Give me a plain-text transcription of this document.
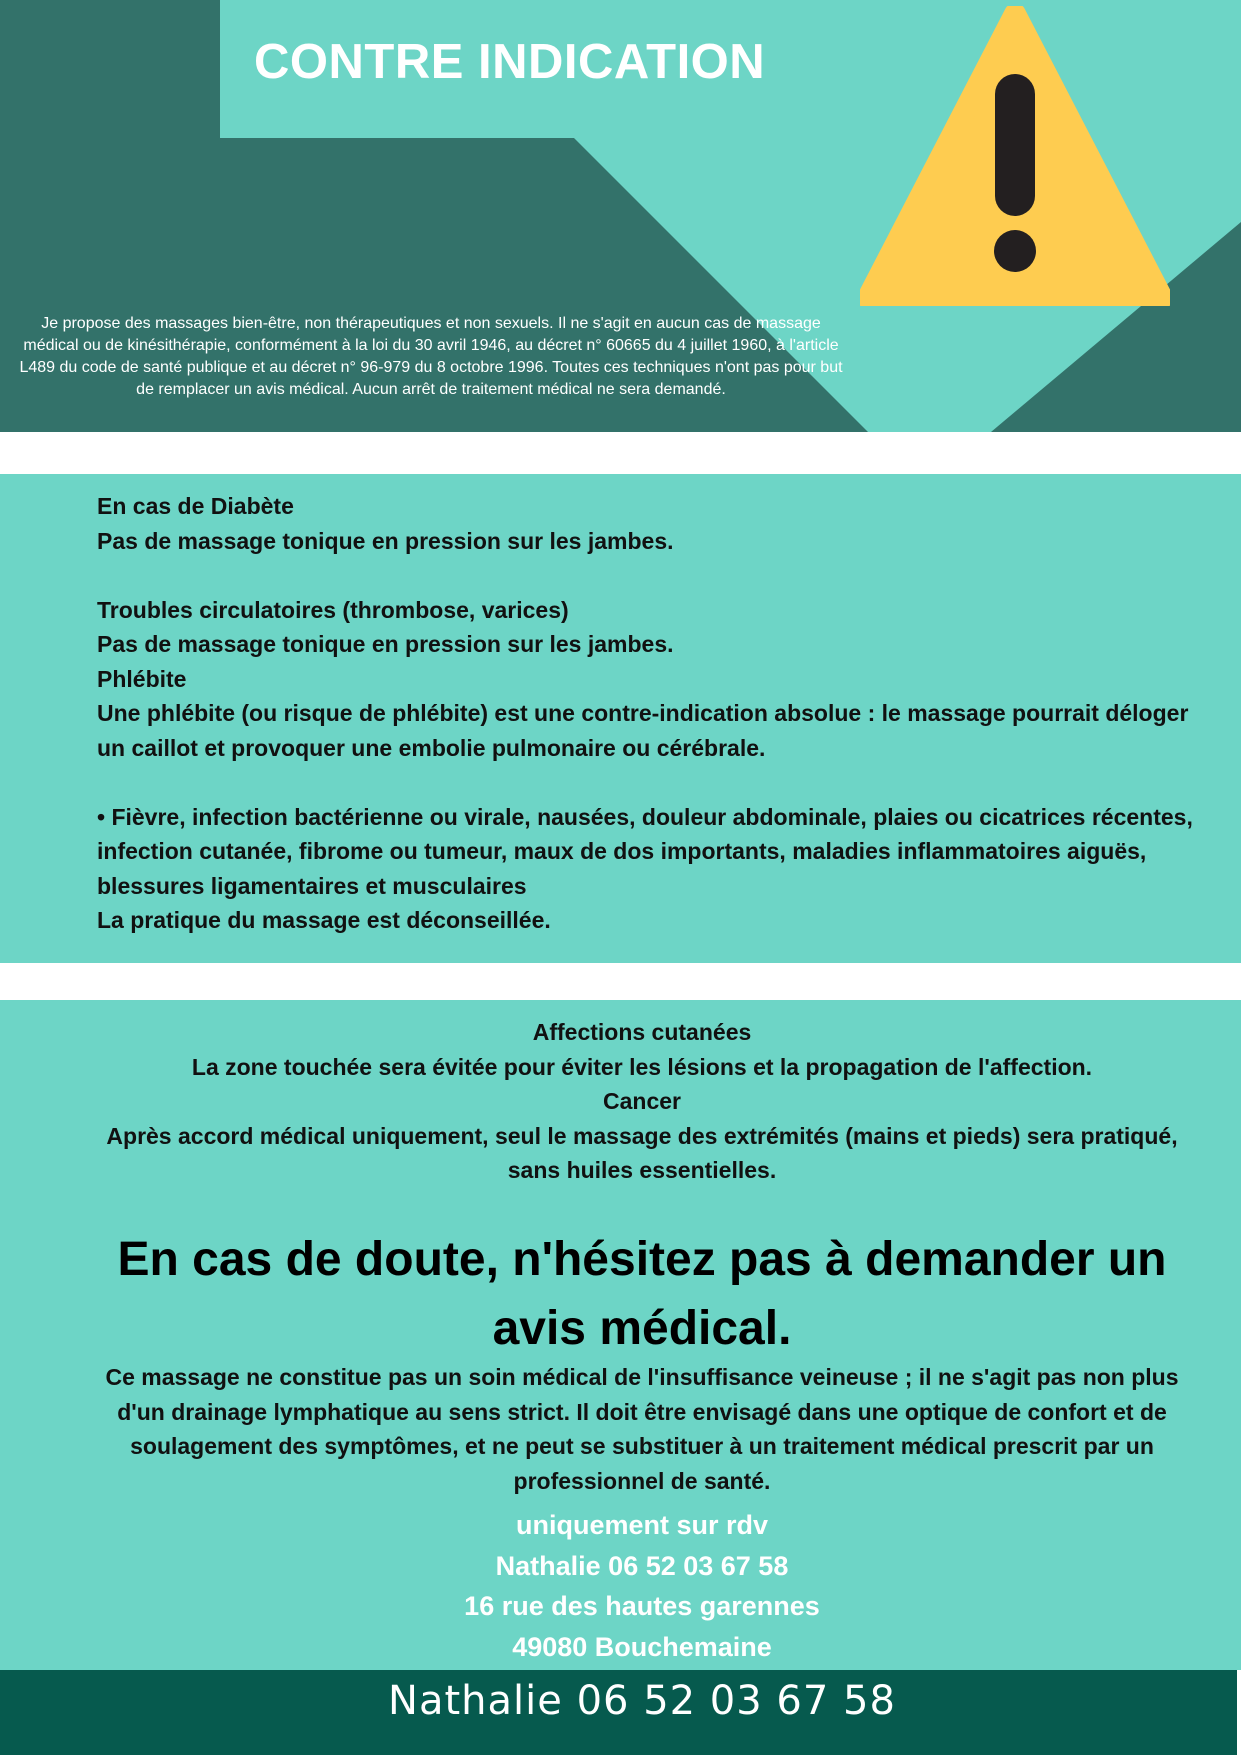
CONTRE INDICATION
Je propose des massages bien-être, non thérapeutiques et non sexuels. Il ne s'agit en aucun cas de massage
médical ou de kinésithérapie, conformément à la loi du 30 avril 1946, au décret n° 60665 du 4 juillet 1960, à l'article
L489 du code de santé publique et au décret n° 96-979 du 8 octobre 1996. Toutes ces techniques n'ont pas pour but
de remplacer un avis médical. Aucun arrêt de traitement médical ne sera demandé.

En cas de Diabète

Pas de massage tonique en pression sur les jambes.

Troubles circulatoires (thrombose, varices)

Pas de massage tonique en pression sur les jambes.

Phlébite

Une phlébite (ou risque de phlébite) est une contre-indication absolue : le massage pourrait déloger un caillot et provoquer une embolie pulmonaire ou cérébrale.

• Fièvre, infection bactérienne ou virale, nausées, douleur abdominale, plaies ou cicatrices récentes, infection cutanée, fibrome ou tumeur, maux de dos importants, maladies inflammatoires aiguës, blessures ligamentaires et musculaires

La pratique du massage est déconseillée.

Affections cutanées

La zone touchée sera évitée pour éviter les lésions et la propagation de l'affection.

Cancer

Après accord médical uniquement, seul le massage des extrémités (mains et pieds) sera pratiqué, sans huiles essentielles.

En cas de doute, n'hésitez pas à demander un avis médical.

Ce massage ne constitue pas un soin médical de l'insuffisance veineuse ; il ne s'agit pas non plus d'un drainage lymphatique au sens strict. Il doit être envisagé dans une optique de confort et de soulagement des symptômes, et ne peut se substituer à un traitement médical prescrit par un professionnel de santé.

uniquement sur rdv

Nathalie 06 52 03 67 58

16 rue des hautes garennes

49080 Bouchemaine

Nathalie 06 52 03 67 58
